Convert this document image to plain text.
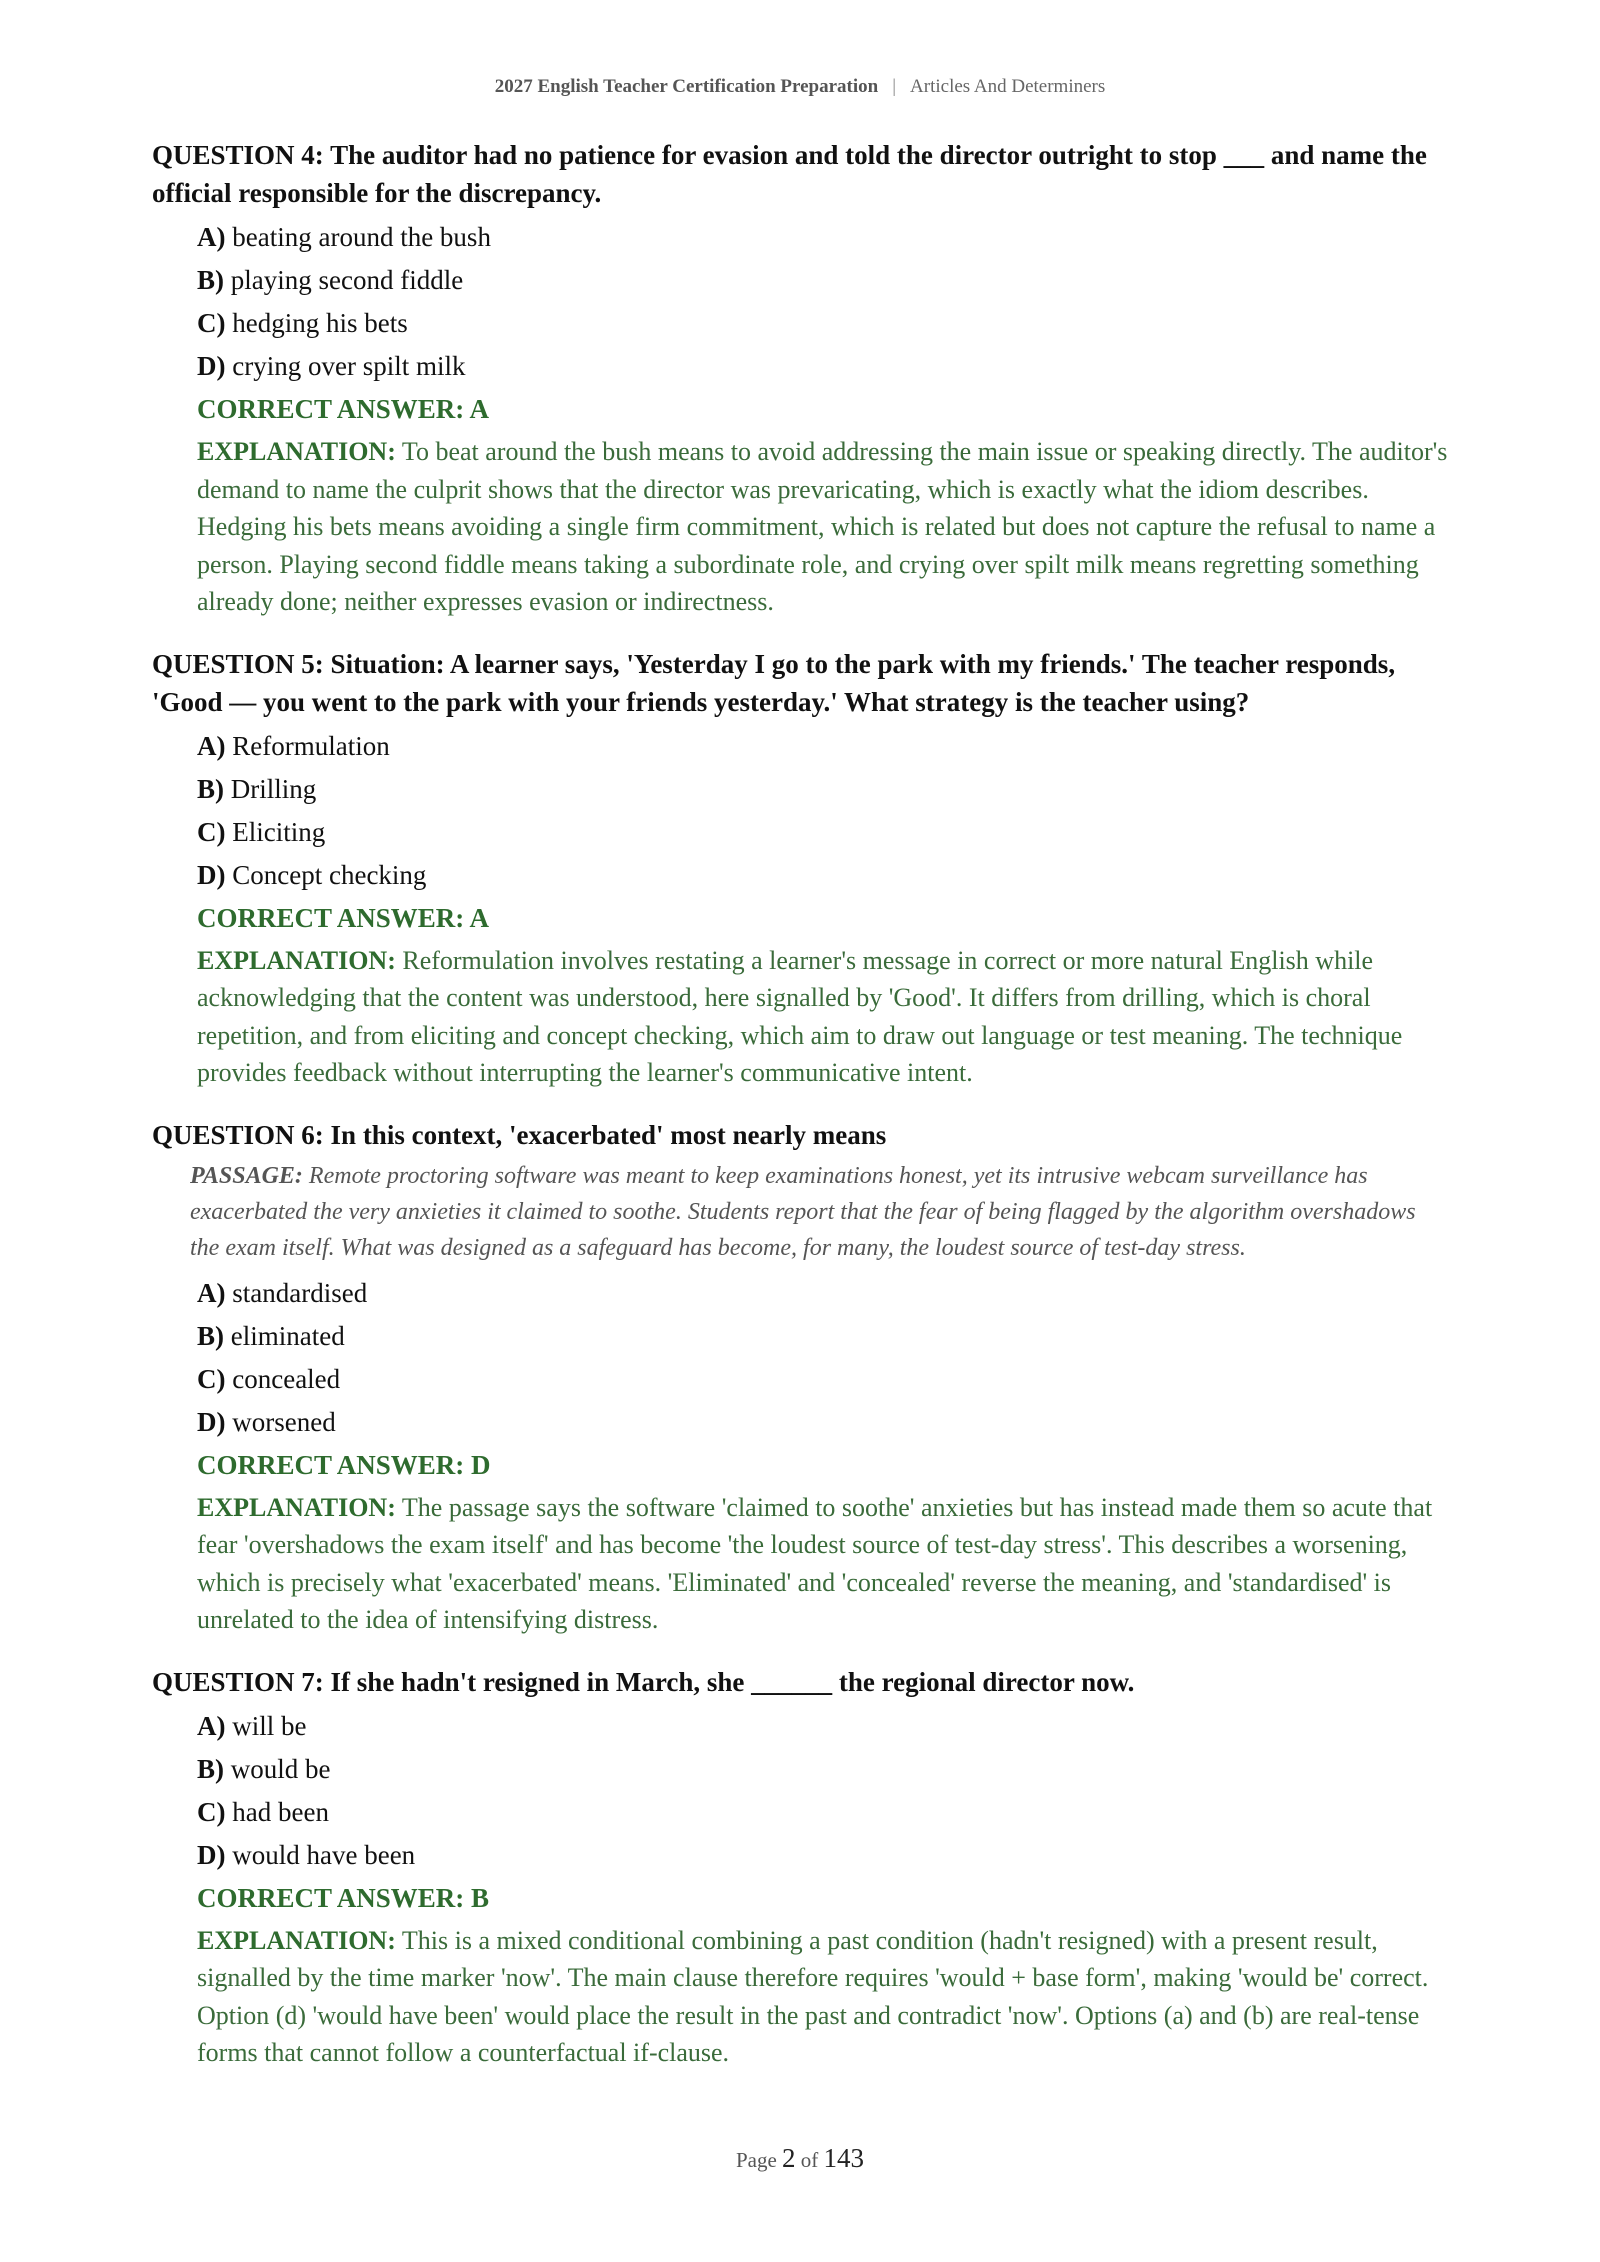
2027 English Teacher Certification Preparation | Articles And Determiners

QUESTION 4: The auditor had no patience for evasion and told the director outright to stop ___ and name the official responsible for the discrepancy.

A) beating around the bush
B) playing second fiddle
C) hedging his bets
D) crying over spilt milk
CORRECT ANSWER: A
EXPLANATION: To beat around the bush means to avoid addressing the main issue or speaking directly. The auditor's demand to name the culprit shows that the director was prevaricating, which is exactly what the idiom describes. Hedging his bets means avoiding a single firm commitment, which is related but does not capture the refusal to name a person. Playing second fiddle means taking a subordinate role, and crying over spilt milk means regretting something already done; neither expresses evasion or indirectness.

QUESTION 5: Situation: A learner says, 'Yesterday I go to the park with my friends.' The teacher responds, 'Good — you went to the park with your friends yesterday.' What strategy is the teacher using?

A) Reformulation
B) Drilling
C) Eliciting
D) Concept checking
CORRECT ANSWER: A
EXPLANATION: Reformulation involves restating a learner's message in correct or more natural English while acknowledging that the content was understood, here signalled by 'Good'. It differs from drilling, which is choral repetition, and from eliciting and concept checking, which aim to draw out language or test meaning. The technique provides feedback without interrupting the learner's communicative intent.

QUESTION 6: In this context, 'exacerbated' most nearly means

PASSAGE: Remote proctoring software was meant to keep examinations honest, yet its intrusive webcam surveillance has exacerbated the very anxieties it claimed to soothe. Students report that the fear of being flagged by the algorithm overshadows the exam itself. What was designed as a safeguard has become, for many, the loudest source of test-day stress.
A) standardised
B) eliminated
C) concealed
D) worsened
CORRECT ANSWER: D
EXPLANATION: The passage says the software 'claimed to soothe' anxieties but has instead made them so acute that fear 'overshadows the exam itself' and has become 'the loudest source of test-day stress'. This describes a worsening, which is precisely what 'exacerbated' means. 'Eliminated' and 'concealed' reverse the meaning, and 'standardised' is unrelated to the idea of intensifying distress.

QUESTION 7: If she hadn't resigned in March, she ______ the regional director now.

A) will be
B) would be
C) had been
D) would have been
CORRECT ANSWER: B
EXPLANATION: This is a mixed conditional combining a past condition (hadn't resigned) with a present result, signalled by the time marker 'now'. The main clause therefore requires 'would + base form', making 'would be' correct. Option (d) 'would have been' would place the result in the past and contradict 'now'. Options (a) and (b) are real-tense forms that cannot follow a counterfactual if-clause.
Page 2 of 143
